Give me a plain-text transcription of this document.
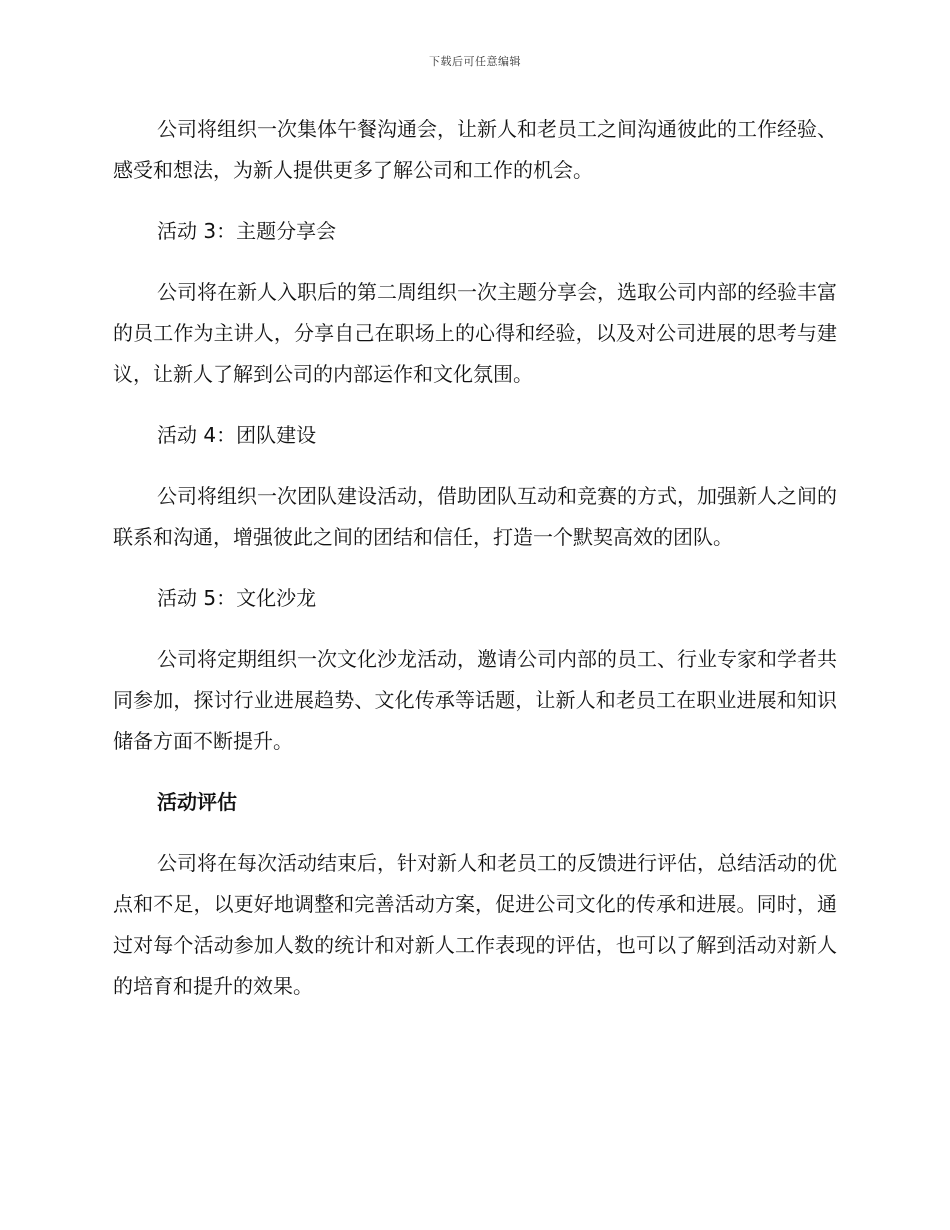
下载后可任意编辑

公司将组织一次集体午餐沟通会，让新人和老员工之间沟通彼此的工作经验、感受和想法，为新人提供更多了解公司和工作的机会。

活动 3：主题分享会

公司将在新人入职后的第二周组织一次主题分享会，选取公司内部的经验丰富的员工作为主讲人，分享自己在职场上的心得和经验，以及对公司进展的思考与建议，让新人了解到公司的内部运作和文化氛围。

活动 4：团队建设

公司将组织一次团队建设活动，借助团队互动和竞赛的方式，加强新人之间的联系和沟通，增强彼此之间的团结和信任，打造一个默契高效的团队。

活动 5：文化沙龙

公司将定期组织一次文化沙龙活动，邀请公司内部的员工、行业专家和学者共同参加，探讨行业进展趋势、文化传承等话题，让新人和老员工在职业进展和知识储备方面不断提升。

活动评估

公司将在每次活动结束后，针对新人和老员工的反馈进行评估，总结活动的优点和不足，以更好地调整和完善活动方案，促进公司文化的传承和进展。同时，通过对每个活动参加人数的统计和对新人工作表现的评估，也可以了解到活动对新人的培育和提升的效果。
